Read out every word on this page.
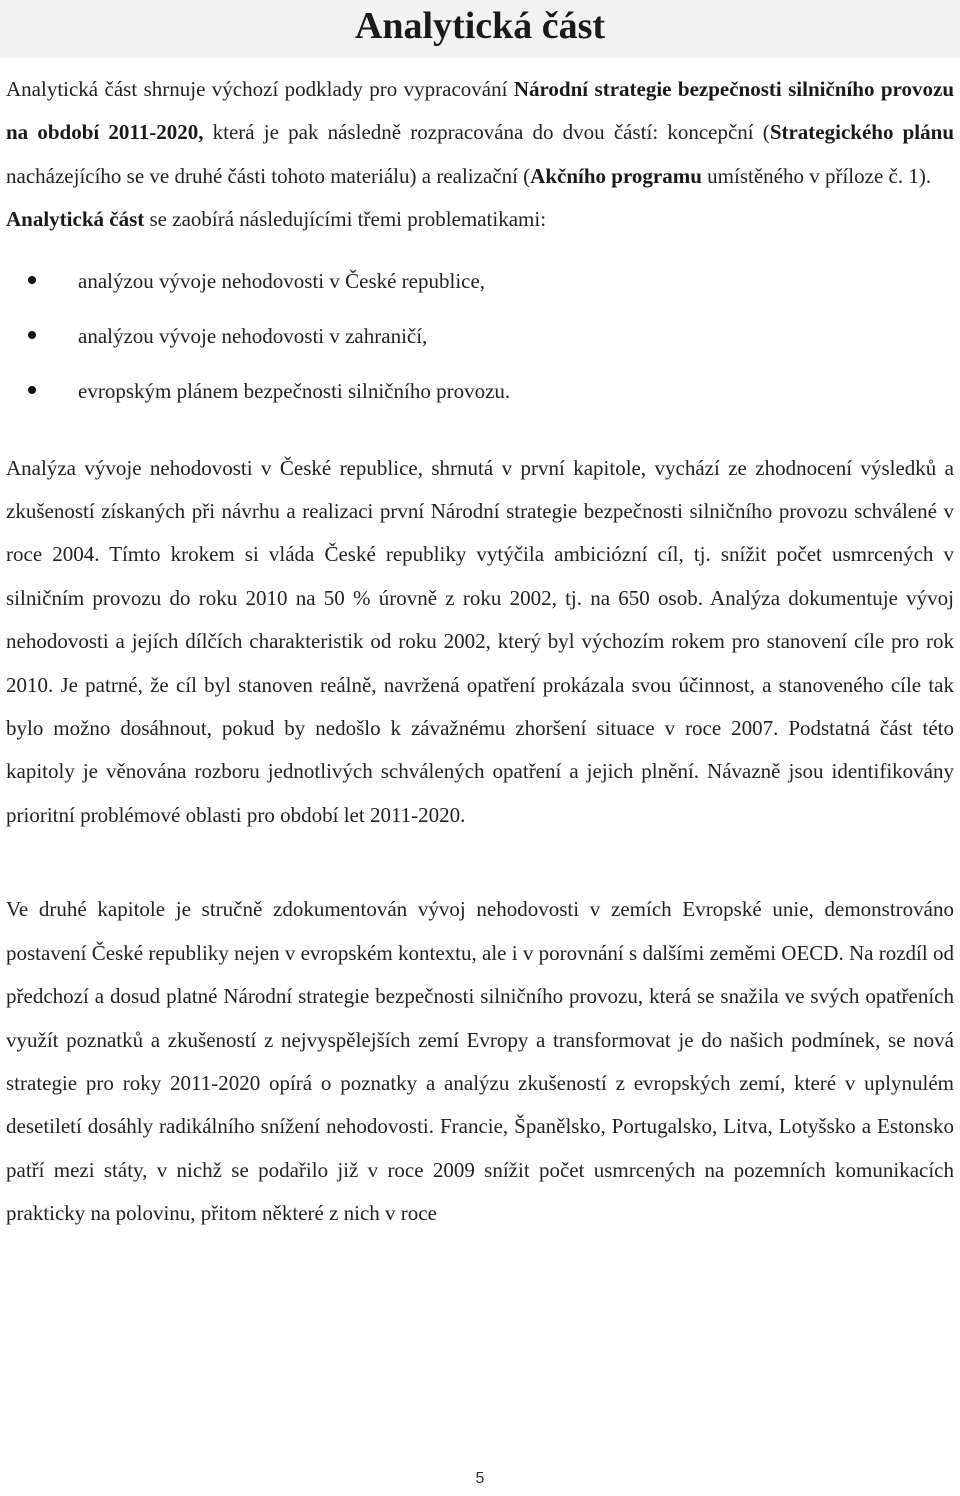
Analytická část

Analytická část shrnuje výchozí podklady pro vypracování Národní strategie bezpečnosti silničního provozu na období 2011-2020, která je pak následně rozpracována do dvou částí: koncepční (Strategického plánu nacházejícího se ve druhé části tohoto materiálu) a realizační (Akčního programu umístěného v příloze č. 1).

Analytická část se zaobírá následujícími třemi problematikami:

analýzou vývoje nehodovosti v České republice,
analýzou vývoje nehodovosti v zahraničí,
evropským plánem bezpečnosti silničního provozu.

Analýza vývoje nehodovosti v České republice, shrnutá v první kapitole, vychází ze zhodnocení výsledků a zkušeností získaných při návrhu a realizaci první Národní strategie bezpečnosti silničního provozu schválené v roce 2004. Tímto krokem si vláda České republiky vytýčila ambiciózní cíl, tj. snížit počet usmrcených v silničním provozu do roku 2010 na 50 % úrovně z roku 2002, tj. na 650 osob. Analýza dokumentuje vývoj nehodovosti a jejích dílčích charakteristik od roku 2002, který byl výchozím rokem pro stanovení cíle pro rok 2010. Je patrné, že cíl byl stanoven reálně, navržená opatření prokázala svou účinnost, a stanoveného cíle tak bylo možno dosáhnout, pokud by nedošlo k závažnému zhoršení situace v roce 2007. Podstatná část této kapitoly je věnována rozboru jednotlivých schválených opatření a jejich plnění. Návazně jsou identifikovány prioritní problémové oblasti pro období let 2011-2020.

Ve druhé kapitole je stručně zdokumentován vývoj nehodovosti v zemích Evropské unie, demonstrováno postavení České republiky nejen v evropském kontextu, ale i v porovnání s dalšími zeměmi OECD. Na rozdíl od předchozí a dosud platné Národní strategie bezpečnosti silničního provozu, která se snažila ve svých opatřeních využít poznatků a zkušeností z nejvyspělejších zemí Evropy a transformovat je do našich podmínek, se nová strategie pro roky 2011-2020 opírá o poznatky a analýzu zkušeností z evropských zemí, které v uplynulém desetiletí dosáhly radikálního snížení nehodovosti. Francie, Španělsko, Portugalsko, Litva, Lotyšsko a Estonsko patří mezi státy, v nichž se podařilo již v roce 2009 snížit počet usmrcených na pozemních komunikacích prakticky na polovinu, přitom některé z nich v roce

5
